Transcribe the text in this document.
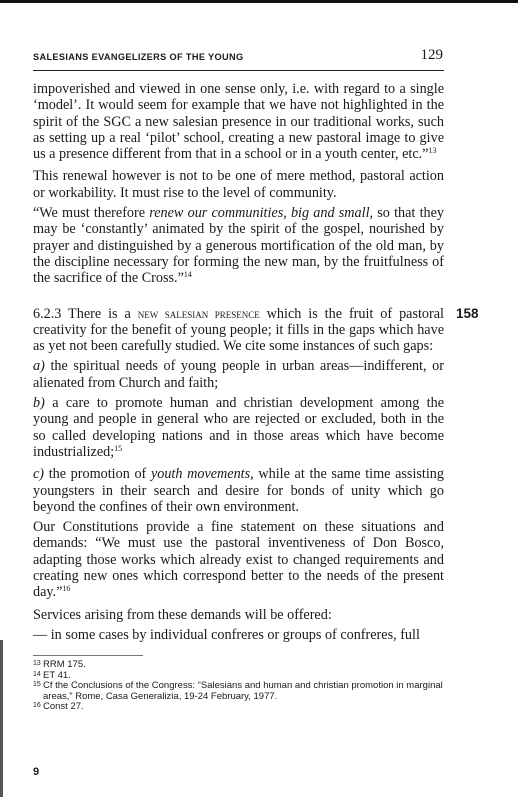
SALESIANS EVANGELIZERS OF THE YOUNG	129

impoverished and viewed in one sense only, i.e. with regard to a single ‘model’. It would seem for example that we have not highlighted in the spirit of the SGC a new salesian presence in our traditional works, such as setting up a real ‘pilot’ school, creating a new pastoral image to give us a presence different from that in a school or in a youth center, etc.”$^{13}$

This renewal however is not to be one of mere method, pastoral action or workability. It must rise to the level of community.

“We must therefore renew our communities, big and small, so that they may be ‘constantly’ animated by the spirit of the gospel, nourished by prayer and distinguished by a generous mortification of the old man, by the discipline necessary for forming the new man, by the fruitfulness of the sacrifice of the Cross.”$^{14}$

6.2.3 There is a new salesian presence which is the fruit of pastoral creativity for the benefit of young people; it fills in the gaps which have as yet not been carefully studied. We cite some instances of such gaps:
158

a) the spiritual needs of young people in urban areas—indifferent, or alienated from Church and faith;

b) a care to promote human and christian development among the young and people in general who are rejected or excluded, both in the so called developing nations and in those areas which have become industrialized;$^{15}$

c) the promotion of youth movements, while at the same time assisting youngsters in their search and desire for bonds of unity which go beyond the confines of their own environment.

Our Constitutions provide a fine statement on these situations and demands: “We must use the pastoral inventiveness of Don Bosco, adapting those works which already exist to changed requirements and creating new ones which correspond better to the needs of the present day.”$^{16}$

Services arising from these demands will be offered:

— in some cases by individual confreres or groups of confreres, full

13 RRM 175.
14 ET 41.
15 Cf the Conclusions of the Congress: “Salesians and human and christian promotion in marginal areas,” Rome, Casa Generalizia, 19-24 February, 1977.
16 Const 27.
9
